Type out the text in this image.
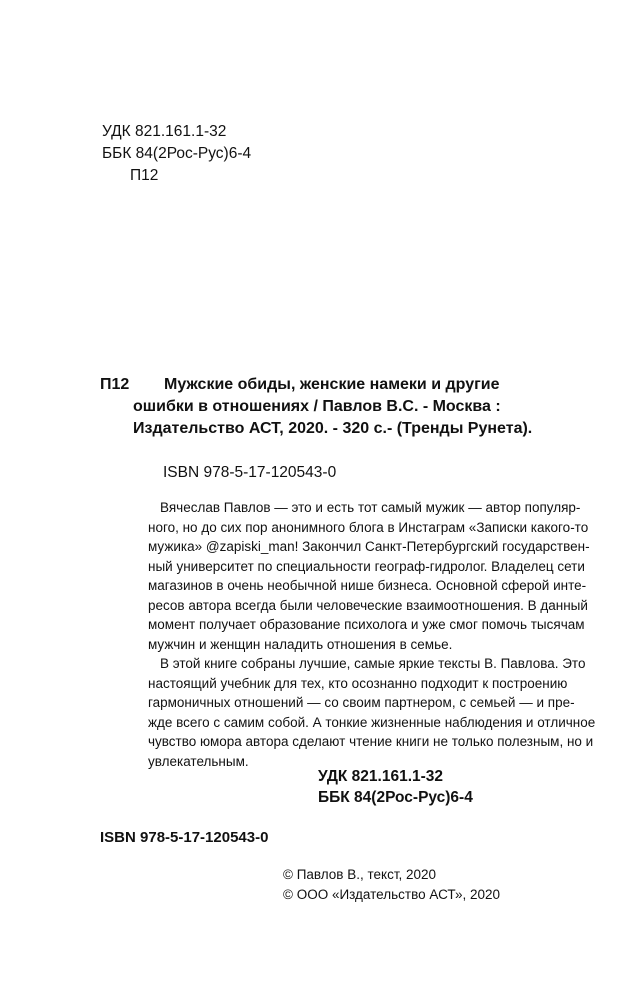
УДК 821.161.1-32
ББК 84(2Рос-Рус)6-4
П12
П12 Мужские обиды, женские намеки и другие
ошибки в отношениях / Павлов В.С. - Москва :
Издательство АСТ, 2020. - 320 с.- (Тренды Рунета).
ISBN 978-5-17-120543-0
Вячеслав Павлов — это и есть тот самый мужик — автор популяр-
ного, но до сих пор анонимного блога в Инстаграм «Записки какого-то
мужика» @zapiski_man! Закончил Санкт-Петербургский государствен-
ный университет по специальности географ-гидролог. Владелец сети
магазинов в очень необычной нише бизнеса. Основной сферой инте-
ресов автора всегда были человеческие взаимоотношения. В данный
момент получает образование психолога и уже смог помочь тысячам
мужчин и женщин наладить отношения в семье.
В этой книге собраны лучшие, самые яркие тексты В. Павлова. Это
настоящий учебник для тех, кто осознанно подходит к построению
гармоничных отношений — со своим партнером, с семьей — и пре-
жде всего с самим собой. А тонкие жизненные наблюдения и отличное
чувство юмора автора сделают чтение книги не только полезным, но и
увлекательным.
УДК 821.161.1-32
ББК 84(2Рос-Рус)6-4
ISBN 978-5-17-120543-0
© Павлов В., текст, 2020
© ООО «Издательство АСТ», 2020
